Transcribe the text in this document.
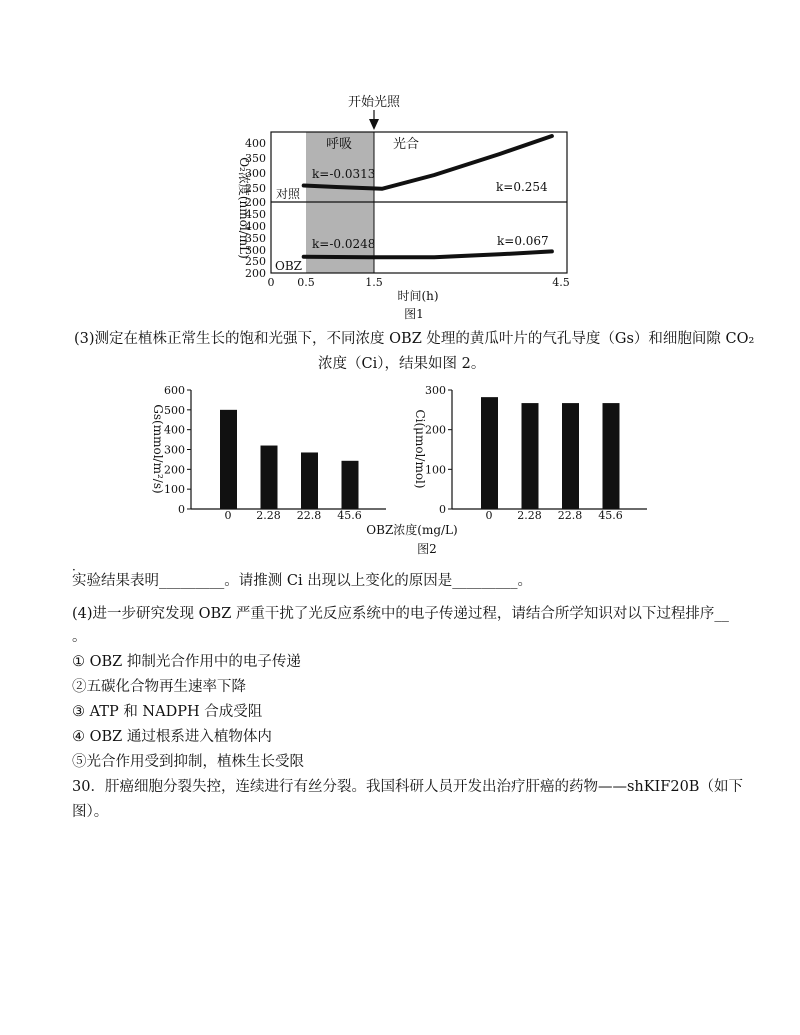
开始光照
呼吸	光合
400
350
300
250
200
450
400
350
300
250
200
O₂浓度(nmol/mL) 对照
OBZ
k=-0.0313
k=0.254
k=-0.0248	k=0.067
0 0.5	1.5	4.5
时间(h)
图1
(3)测定在植株正常生长的饱和光强下，不同浓度 OBZ 处理的黄瓜叶片的气孔导度（Gs）和细胞间隙 CO₂
浓度（Ci），结果如图 2。
Gs(mmol/m²/s)
0
100
200
300
400
500
600
0 2.28 22.8 45.6
Ci(μmol/mol)
0
100
200
300
0 2.28 22.8 45.6
OBZ浓度(mg/L)
图2
·
实验结果表明_________。请推测 Ci 出现以上变化的原因是_________。
(4)进一步研究发现 OBZ 严重干扰了光反应系统中的电子传递过程，请结合所学知识对以下过程排序__
。
① OBZ 抑制光合作用中的电子传递
②五碳化合物再生速率下降
③ ATP 和 NADPH 合成受阻
④ OBZ 通过根系进入植物体内
⑤光合作用受到抑制，植株生长受限
30．肝癌细胞分裂失控，连续进行有丝分裂。我国科研人员开发出治疗肝癌的药物——shKIF20B（如下
图）。
